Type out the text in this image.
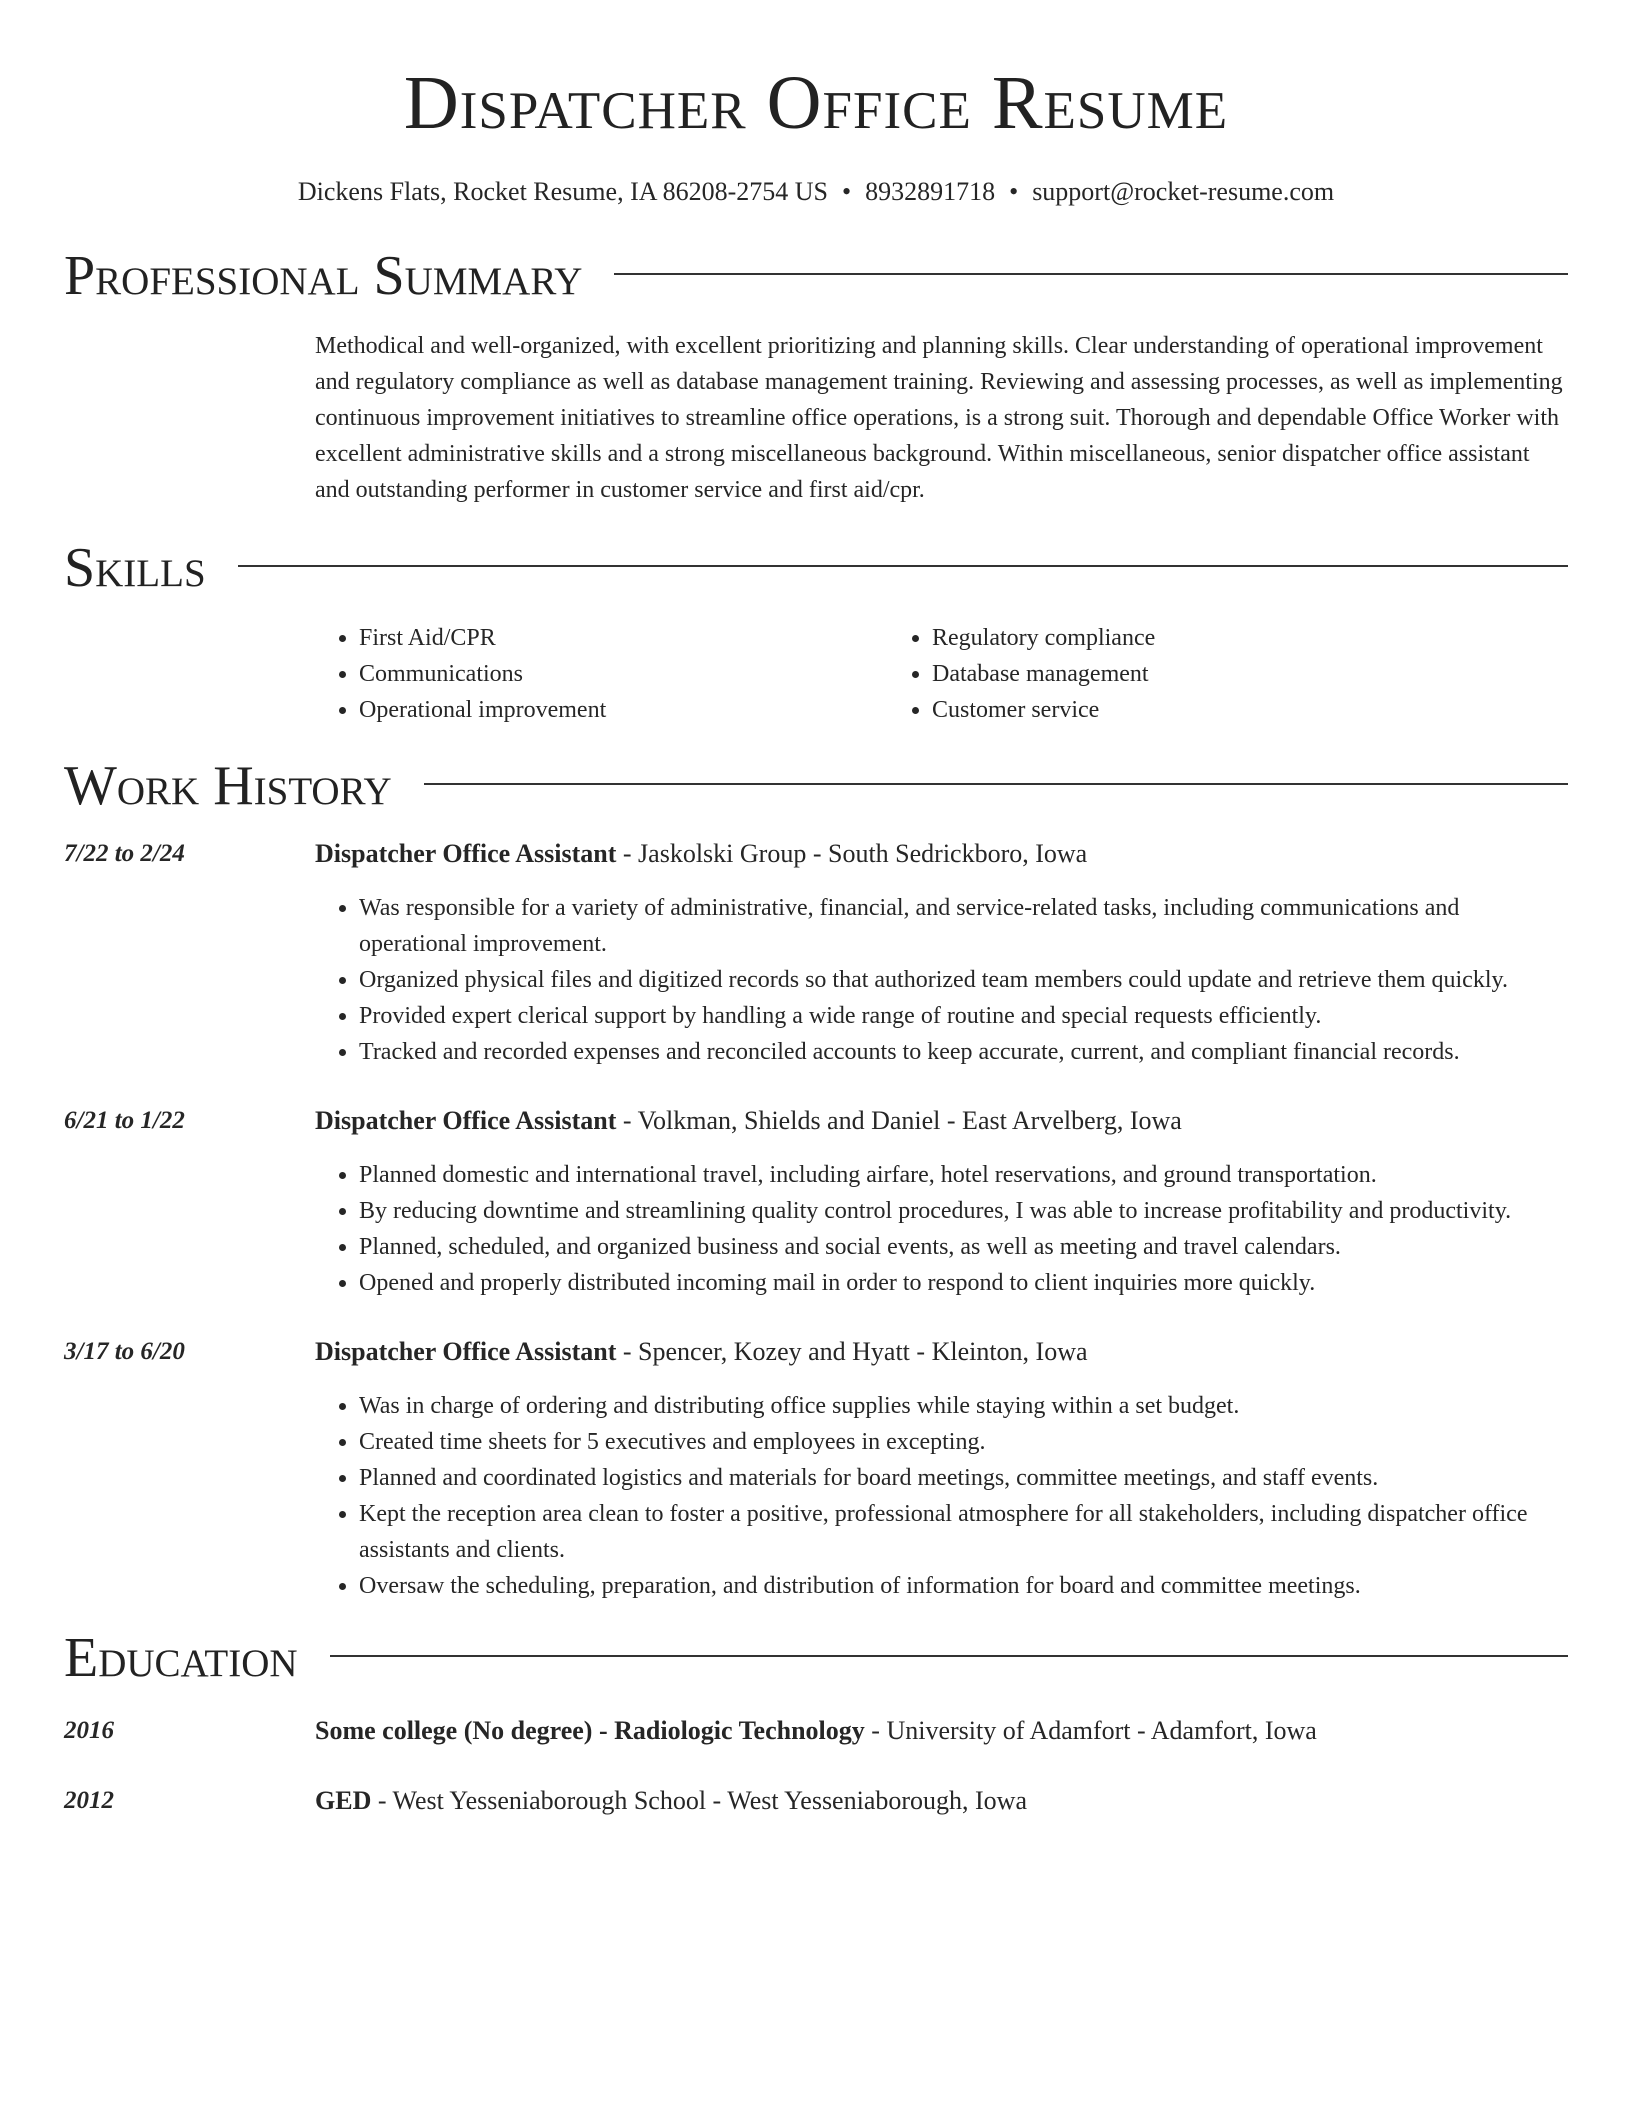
Dispatcher Office Resume
Dickens Flats, Rocket Resume, IA 86208-2754 US • 8932891718 • support@rocket-resume.com
Professional Summary
Methodical and well-organized, with excellent prioritizing and planning skills. Clear understanding of operational improvement and regulatory compliance as well as database management training. Reviewing and assessing processes, as well as implementing continuous improvement initiatives to streamline office operations, is a strong suit. Thorough and dependable Office Worker with excellent administrative skills and a strong miscellaneous background. Within miscellaneous, senior dispatcher office assistant and outstanding performer in customer service and first aid/cpr.
Skills
• First Aid/CPR
• Communications
• Operational improvement
• Regulatory compliance
• Database management
• Customer service
Work History
7/22 to 2/24	Dispatcher Office Assistant - Jaskolski Group - South Sedrickboro, Iowa
• Was responsible for a variety of administrative, financial, and service-related tasks, including communications and operational improvement.
• Organized physical files and digitized records so that authorized team members could update and retrieve them quickly.
• Provided expert clerical support by handling a wide range of routine and special requests efficiently.
• Tracked and recorded expenses and reconciled accounts to keep accurate, current, and compliant financial records.
6/21 to 1/22	Dispatcher Office Assistant - Volkman, Shields and Daniel - East Arvelberg, Iowa
• Planned domestic and international travel, including airfare, hotel reservations, and ground transportation.
• By reducing downtime and streamlining quality control procedures, I was able to increase profitability and productivity.
• Planned, scheduled, and organized business and social events, as well as meeting and travel calendars.
• Opened and properly distributed incoming mail in order to respond to client inquiries more quickly.
3/17 to 6/20	Dispatcher Office Assistant - Spencer, Kozey and Hyatt - Kleinton, Iowa
• Was in charge of ordering and distributing office supplies while staying within a set budget.
• Created time sheets for 5 executives and employees in excepting.
• Planned and coordinated logistics and materials for board meetings, committee meetings, and staff events.
• Kept the reception area clean to foster a positive, professional atmosphere for all stakeholders, including dispatcher office assistants and clients.
• Oversaw the scheduling, preparation, and distribution of information for board and committee meetings.
Education
2016	Some college (No degree) - Radiologic Technology - University of Adamfort - Adamfort, Iowa
2012	GED - West Yesseniaborough School - West Yesseniaborough, Iowa
